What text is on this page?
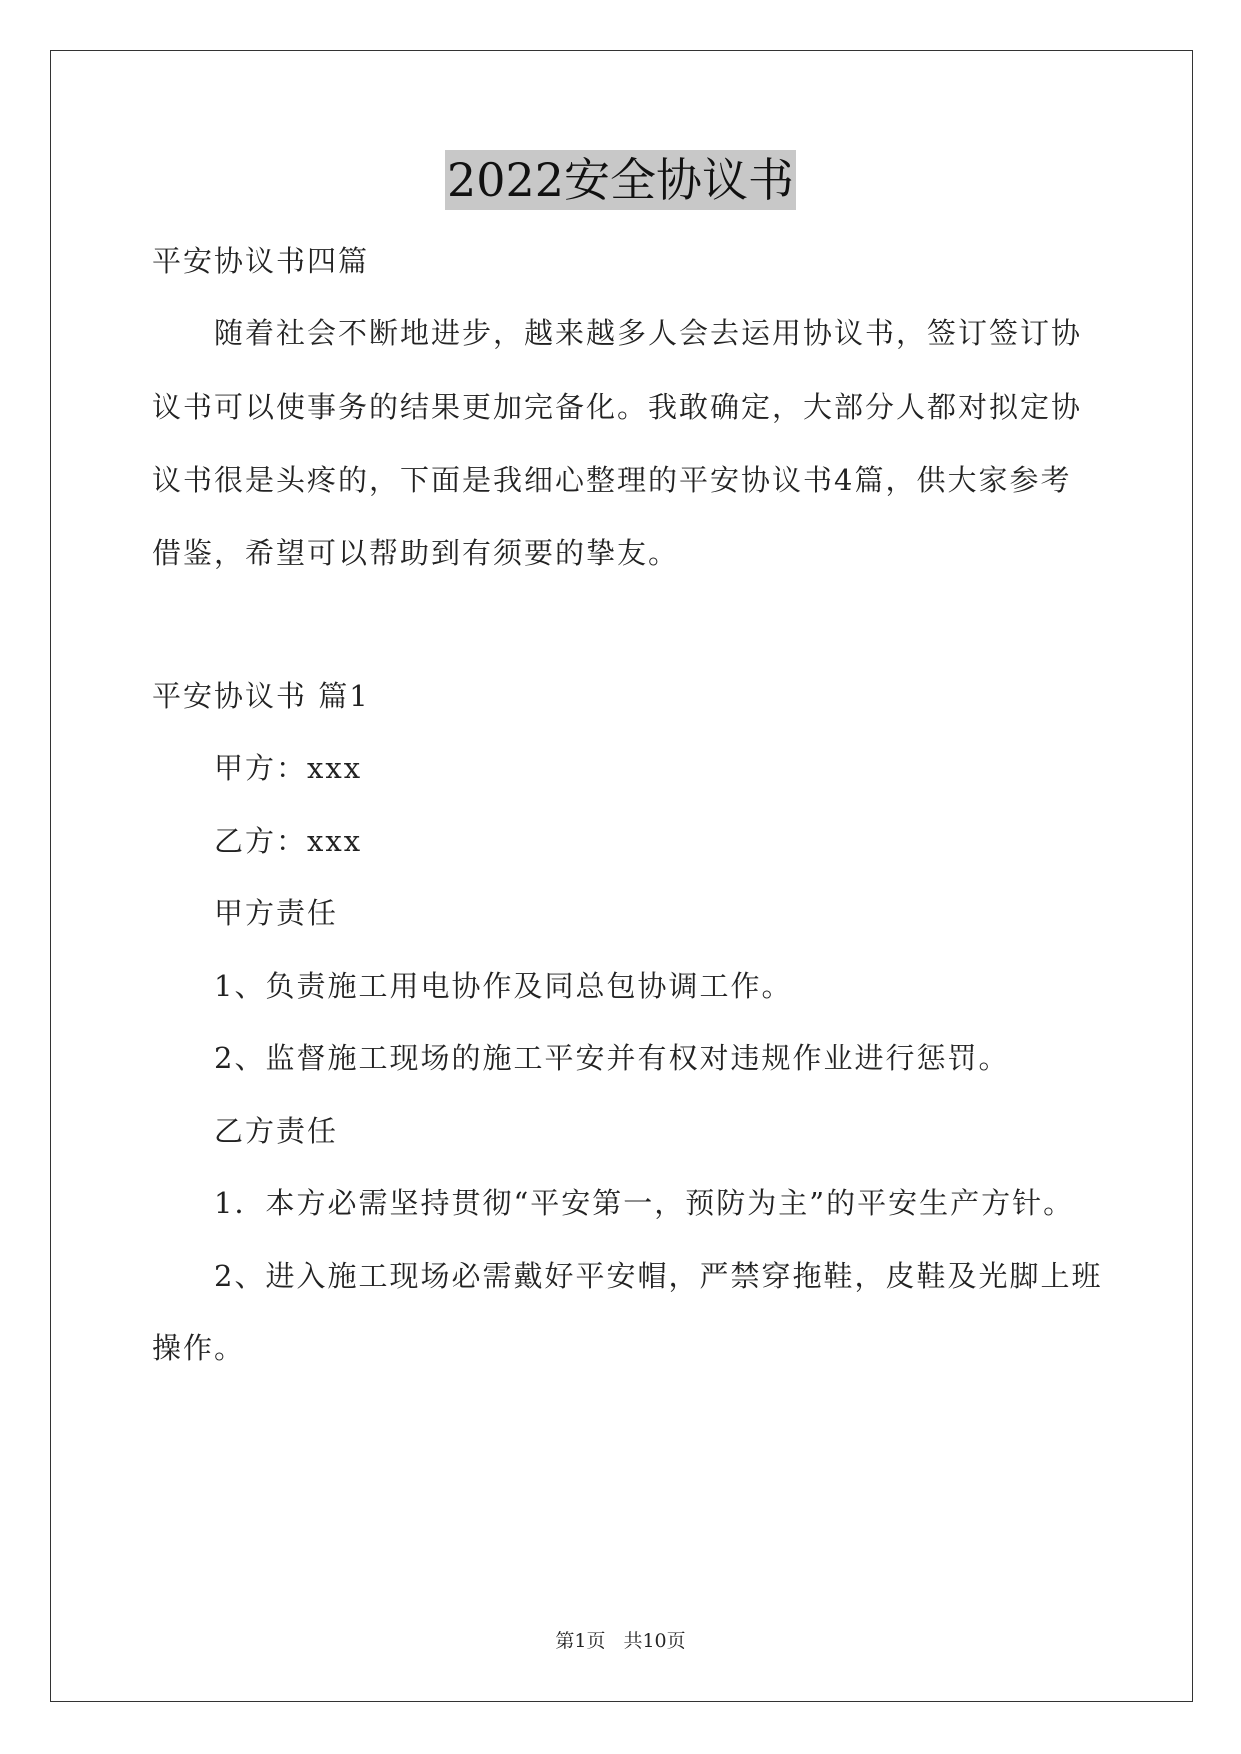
2022安全协议书
平安协议书四篇
随着社会不断地进步，越来越多人会去运用协议书，签订签订协
议书可以使事务的结果更加完备化。我敢确定，大部分人都对拟定协
议书很是头疼的，下面是我细心整理的平安协议书4篇，供大家参考
借鉴，希望可以帮助到有须要的挚友。
平安协议书 篇1
甲方：xxx
乙方：xxx
甲方责任
1、负责施工用电协作及同总包协调工作。
2、监督施工现场的施工平安并有权对违规作业进行惩罚。
乙方责任
1．本方必需坚持贯彻“平安第一，预防为主”的平安生产方针。
2、进入施工现场必需戴好平安帽，严禁穿拖鞋，皮鞋及光脚上班
操作。
第1页 共10页
